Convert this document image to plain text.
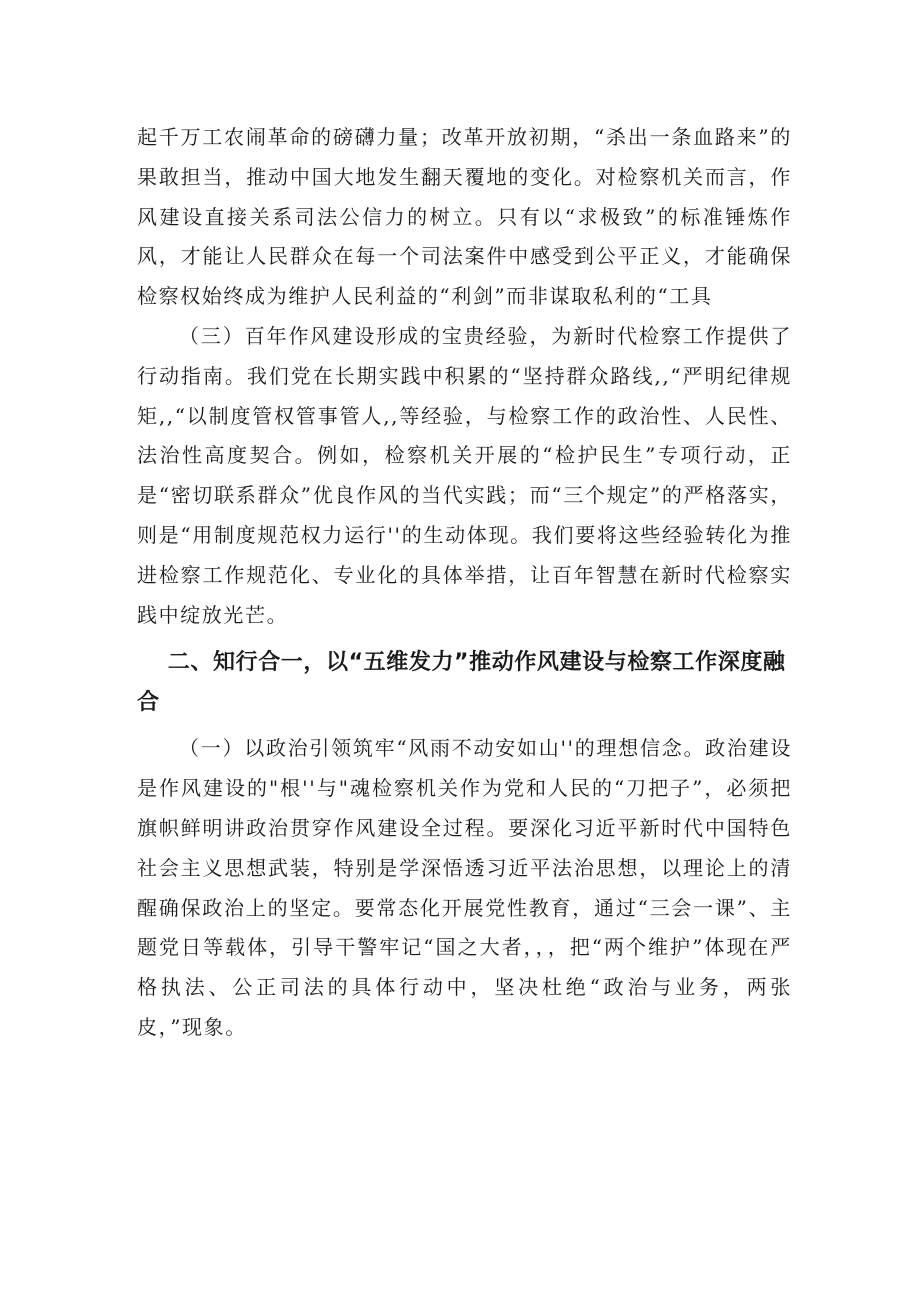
起千万工农闹革命的磅礴力量；改革开放初期，“杀出一条血路来”的果敢担当，推动中国大地发生翻天覆地的变化。对检察机关而言，作风建设直接关系司法公信力的树立。只有以“求极致”的标准锤炼作风，才能让人民群众在每一个司法案件中感受到公平正义，才能确保检察权始终成为维护人民利益的“利剑”而非谋取私利的“工具

（三）百年作风建设形成的宝贵经验，为新时代检察工作提供了行动指南。我们党在长期实践中积累的“坚持群众路线,,“严明纪律规矩,,“以制度管权管事管人,,等经验，与检察工作的政治性、人民性、法治性高度契合。例如，检察机关开展的“检护民生”专项行动，正是“密切联系群众”优良作风的当代实践；而“三个规定”的严格落实，则是“用制度规范权力运行''的生动体现。我们要将这些经验转化为推进检察工作规范化、专业化的具体举措，让百年智慧在新时代检察实践中绽放光芒。

二、知行合一，以“五维发力”推动作风建设与检察工作深度融合

（一）以政治引领筑牢“风雨不动安如山''的理想信念。政治建设是作风建设的"根''与"魂检察机关作为党和人民的“刀把子”，必须把旗帜鲜明讲政治贯穿作风建设全过程。要深化习近平新时代中国特色社会主义思想武装，特别是学深悟透习近平法治思想，以理论上的清醒确保政治上的坚定。要常态化开展党性教育，通过“三会一课”、主题党日等载体，引导干警牢记“国之大者，，，把“两个维护”体现在严格执法、公正司法的具体行动中，坚决杜绝“政治与业务，两张皮，”现象。
